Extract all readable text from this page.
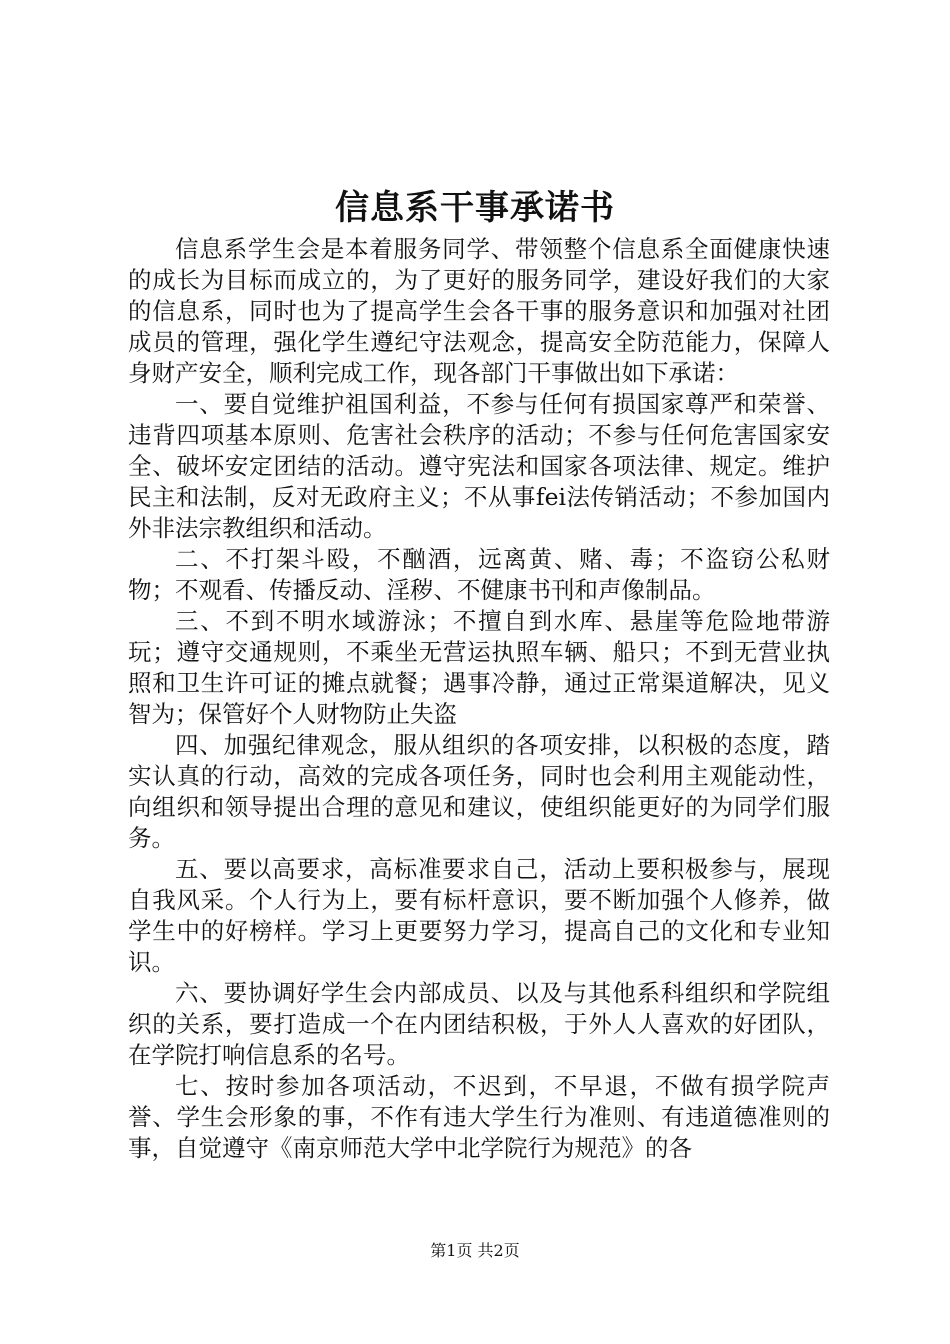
信息系干事承诺书

信息系学生会是本着服务同学、带领整个信息系全面健康快速的成长为目标而成立的，为了更好的服务同学，建设好我们的大家的信息系，同时也为了提高学生会各干事的服务意识和加强对社团成员的管理，强化学生遵纪守法观念，提高安全防范能力，保障人身财产安全，顺利完成工作，现各部门干事做出如下承诺：

一、要自觉维护祖国利益，不参与任何有损国家尊严和荣誉、违背四项基本原则、危害社会秩序的活动；不参与任何危害国家安全、破坏安定团结的活动。遵守宪法和国家各项法律、规定。维护民主和法制，反对无政府主义；不从事fei法传销活动；不参加国内外非法宗教组织和活动。

二、不打架斗殴，不酗酒，远离黄、赌、毒；不盗窃公私财物；不观看、传播反动、淫秽、不健康书刊和声像制品。

三、不到不明水域游泳；不擅自到水库、悬崖等危险地带游玩；遵守交通规则，不乘坐无营运执照车辆、船只；不到无营业执照和卫生许可证的摊点就餐；遇事冷静，通过正常渠道解决，见义智为；保管好个人财物防止失盗

四、加强纪律观念，服从组织的各项安排，以积极的态度，踏实认真的行动，高效的完成各项任务，同时也会利用主观能动性，向组织和领导提出合理的意见和建议，使组织能更好的为同学们服务。

五、要以高要求，高标准要求自己，活动上要积极参与，展现自我风采。个人行为上，要有标杆意识，要不断加强个人修养，做学生中的好榜样。学习上更要努力学习，提高自己的文化和专业知识。

六、要协调好学生会内部成员、以及与其他系科组织和学院组织的关系，要打造成一个在内团结积极，于外人人喜欢的好团队，在学院打响信息系的名号。

七、按时参加各项活动，不迟到，不早退，不做有损学院声誉、学生会形象的事，不作有违大学生行为准则、有违道德准则的事，自觉遵守《南京师范大学中北学院行为规范》的各

第1页 共2页
